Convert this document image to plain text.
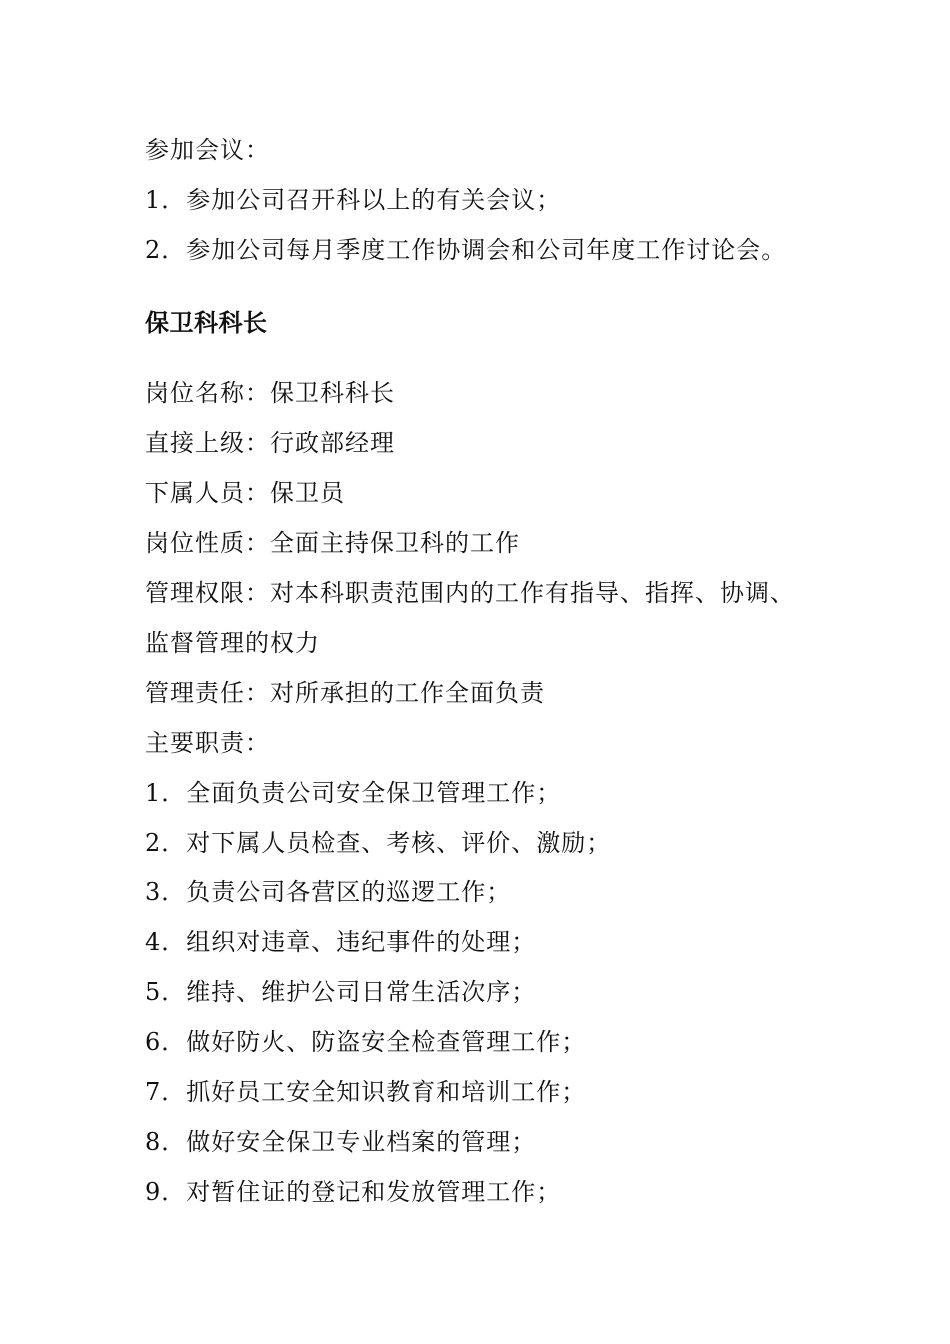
参加会议：
1．参加公司召开科以上的有关会议；
2．参加公司每月季度工作协调会和公司年度工作讨论会。
保卫科科长
岗位名称：保卫科科长
直接上级：行政部经理
下属人员：保卫员
岗位性质：全面主持保卫科的工作
管理权限：对本科职责范围内的工作有指导、指挥、协调、
监督管理的权力
管理责任：对所承担的工作全面负责
主要职责：
1．全面负责公司安全保卫管理工作；
2．对下属人员检查、考核、评价、激励；
3．负责公司各营区的巡逻工作；
4．组织对违章、违纪事件的处理；
5．维持、维护公司日常生活次序；
6．做好防火、防盗安全检查管理工作；
7．抓好员工安全知识教育和培训工作；
8．做好安全保卫专业档案的管理；
9．对暂住证的登记和发放管理工作；
